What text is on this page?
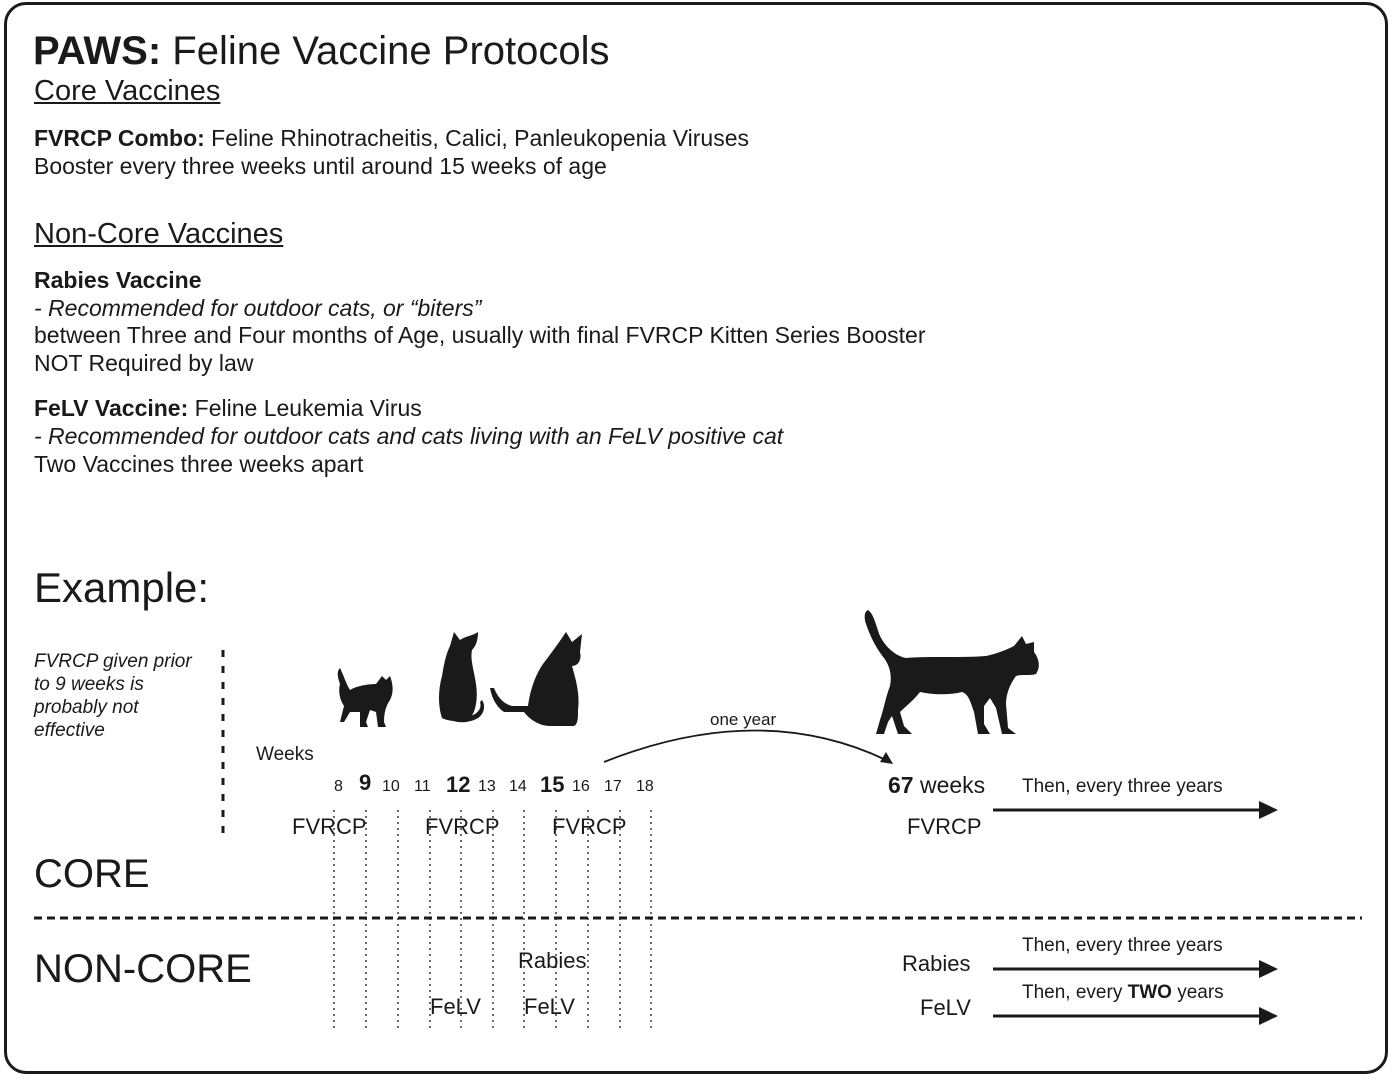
PAWS: Feline Vaccine Protocols

Core Vaccines

FVRCP Combo: Feline Rhinotracheitis, Calici, Panleukopenia Viruses

Booster every three weeks until around 15 weeks of age

Non-Core Vaccines

Rabies Vaccine

- Recommended for outdoor cats, or “biters”

between Three and Four months of Age, usually with final FVRCP Kitten Series Booster

NOT Required by law

FeLV Vaccine: Feline Leukemia Virus

- Recommended for outdoor cats and cats living with an FeLV positive cat

Two Vaccines three weeks apart

Example:

FVRCP given prior to 9 weeks is probably not effective

Weeks

8 9 10 11 12 13 14 15 16 17 18

one year

67 weeks

FVRCP	FVRCP FVRCP	FVRCP

Then, every three years

CORE

NON-CORE	Rabies

FeLV FeLV

Rabies

FeLV

Then, every three years

Then, every TWO years
